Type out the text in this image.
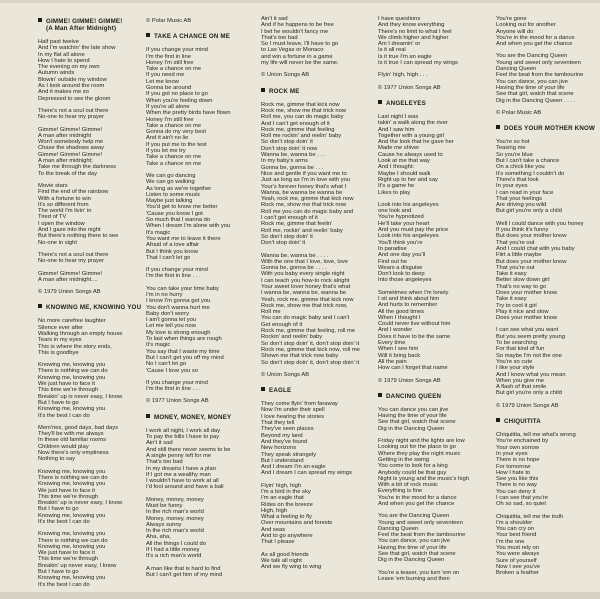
GIMME! GIMME! GIMME!
(A Man After Midnight)
Half past twelve
And I'm watchin' the late show
In my flat all alone
How I hate to spend
The evening on my own
Autumn winds
Blowin' outside my window
As I look around the room
And it makes me so
Depressed to see the gloom
There's not a soul out there
No-one to hear my prayer
Gimme! Gimme! Gimme!
A man after midnight
Won't somebody help me
Chase the shadows away
Gimme! Gimme! Gimme!
A man after midnight;
Take me through the darkness
To the break of the day
Movie stars
Find the end of the rainbow
With a fortune to win
It's so different from
The world I'm livin' in
Tired of TV
I open the window
And I gaze into the night
But there's nothing there to see
No-one in sight
There's not a soul out there
No-one to hear my prayer
Gimme! Gimme! Gimme!
A man after midnight....
© 1979 Union Songs AB
KNOWING ME, KNOWING YOU
No more carefree laughter
Silence ever after
Walking through an empty house
Tears in my eyes
This is where the story ends,
This is goodbye
Knowing me, knowing you
There is nothing we can do
Knowing me, knowing you
We just have to face it
This time we're through
Breakin' up is never easy, I know
But I have to go
Knowing me, knowing you
It's the best I can do
Mem'ries, good days, bad days
They'll be with me always
In these old familiar rooms
Children would play
Now there's only emptiness
Nothing to say
Knowing me, knowing you
There is nothing we can do
Knowing me, knowing you
We just have to face it
This time we're through
Breakin' up is never easy, I know
But I have to go
Knowing me, knowing you
It's the best I can do
Knowing me, knowing you
There is nothing we can do
Knowing me, knowing you
We just have to face it
This time we're through
Breakin' up never easy, I know
But I have to go
Knowing me, knowing you
It's the best I can do
© Polar Music AB
TAKE A CHANCE ON ME
If you change your mind
I'm the first in line
Honey I'm still free
Take a chance on me
If you need me
Let me know
Gonna be around
If you got no place to go
When you're feeling down
If you're all alone
When the pretty birds have flown
Honey I'm still free
Take a chance on me
Gonna do my very best
And it ain't no lie
If you put me to the test
If you let me try
Take a chance on me
Take a chance on me
We can go dancing
We can go walking
As long as we're together
Listen to some music
Maybe just talking
You'd get to know me better
'Cause you know I got
So much that I wanna do
When I dream I'm alone with you
It's magic
You want me to leave it there
Afraid of a love affair
But I think you know
That I can't let go
If you change your mind
I'm the first in line . . .
You can take your time baby
I'm in no hurry
I know I'm gonna get you
You don't wanna hurt me
Baby don't worry
I ain't gonna let you
Let me tell you now
My love is strong enough
To last when things are rough
It's magic
You say that I waste my time
But I can't get you off my mind
No I can't let go
'Cause I love you so
If you change your mind
I'm the first in line . . .
© 1977 Union Songs AB
MONEY, MONEY, MONEY
I work all night, I work all day
To pay the bills I have to pay
Ain't it sad
And still there never seems to be
A single penny left for me
That's too bad
In my dreams I have a plan
If I got me a wealthy man
I wouldn't have to work at all
I'd fool around and have a ball
Money, money, money
Must be funny
In the rich man's world
Money, money, money
Always sunny
In the rich man's world
Aha, aha,
All the things I could do
If I had a little money
It's a rich man's world
A man like that is hard to find
But I can't get him of my mind
Ain't it sad
And if he happens to be free
I bet he wouldn't fancy me
That's too bad
So I must leave, I'll have to go
to Las Vegas or Monaco
and win a fortune in a game
my life will never be the same.
© Union Songs AB
ROCK ME
Rock me, gimme that kick now
Rock me, show me that trick now
Roll me, you can do magic baby
And I can't get enough of it
Rock me, gimme that feeling
Roll me rockin' and reelin' baby
So don't stop doin' it
Don't stop doin' it now
Wanna be, wanna be . . .
In my baby's arms
Gonna be, gonna be . . .
Nice and gentle if you want me to
Just as long as I'm in love with you
Your's forever honey that's what I
Wanna, be wanna be wanna be
Yeah, rock me, gimme that kick now
Rock me, show me that trick now
Roll me you can do magic baby and
I can't get enough of it
Rock me, gimme that feelin'
Roll me, rockin' and reelin' baby
So don't stop doin' it
Don't stop doin' it
Wanna be, wanna be . . . .
With the one that I love, love, love
Gonna be, gonna be . . . .
With you baby every single night
I can teach you how-to rock alright
Your sweet lover honey that's what
I wanna be, wanna be, wanna be
Yeah, rock me, gimme that kick now
Rock me, show me that trick now,
Roll me
You can do magic baby and I can't
Get enough of it
Rock me, gimme that feeling, roll me
Rockin' and reelin' baby
So don't stop doin' it, don't stop doin' it
Rock me, gimme that kick now, roll me
Shown me that trick now baby
So don't stop doin' it, don't stop doin' it
© Union Songs AB
EAGLE
They come flyin' from faraway
Now I'm under their spell
I love hearing the stories
That they tell
They've seen places
Beyond my land
And they've found
New horizons
They speak strangely
But I understand
And I dream I'm an eagle
And I dream I can spread my wings
Flyin' high, high
I'm a bird in the sky
I'm an eagle that
Rides on the breeze
High, high
What a feeling to fly
Over mountains and forests
And seas
And to go anywhere
That I please
As all good friends
We talk all night
And we fly wing to wing
I have questions
And they know everything
There's no limit to what I feel
We climb higher and higher
Am I dreamin' or
Is it all real
Is it true I'm an eagle
Is it true I can spread my wings
Flyin' high, high . . .
© 1977 Union Songs AB
ANGELEYES
Last night I was
takin' a walk along the river
And I saw him
Together with a young girl
And the look that he gave her
Made me shiver
Cause he always used to
Look at me that way
And I thought:
Maybe I should walk
Right up to her and say
It's a game he
Likes to play
Look into his angeleyes
one look and
You're hypnotized
He'll take your heart
And you must pay the price
Look into his angeleyes
You'll think you're
In paradise
And one day you'll
Find out he
Wears a disguise
Don't look to deep
Into those angeleyes
Sometimes when I'm lonely
I sit and think about him
And hurts to remember
All the good times
When I thought I
Could never live without him
And I wonder
Does it have to be the same
Every time
When I see him
Will it bring back
All the pain
How can I forget that name
© 1979 Union Songs AB
DANCING QUEEN
You can dance you can jive
Having the time of your life
See that girl, watch that scene
Dig in the Dancing Queen
Friday night and the lights are low
Looking out for the place to go
Where they play the night music
Getting in the swing
You come to look for a king
Anybody could be that guy
Night is young and the music's high
With a bit of rock music
Everything is fine
You're in the mood for a dance
And when you get the chance
You are the Dancing Queen
Young and sweet only seventeen
Dancing Queen
Feel the beat from the tambourine
You can dance, you can jive
Having the time of your life
See that girl, watch that scene
Dig in the Dancing Queen
You're a teaser, you turn 'em on
Leave 'em burning and then
You're gone
Looking out for another
Anyone will do
You're in the mood for a dance
And when you get the chance
You are the Dancing Queen
Young and sweet only seventeen
Dancing Queen
Feel the beat from the tambourine
You can dance, you can jive
Having the time of your life
See that girl, watch that scene
Dig in the Dancing Queen . . . .
© Polar Music AB
DOES YOUR MOTHER KNOW
You're so hot
Teasing me
So you're blue
But I can't take a chance
On a chick like you
It's something I couldn't do
There's that look
In your eyes
I can read in your face
That your feelings
Are driving you wild
But girl you're only a child
Well I could dance with you honey
If you think it's funny
But does your mother know
That you're out
And I could chat with you baby
Flirt a little maybe
But does your mother know
That you're out
Take it easy
Better slow down girl
That's no way to go
Does your mother know
Take it easy
Try to cool it girl
Play it nice and slow
Does your mother know
I can see what you want
But you seem pretty young
To be searching
For that kind of fun
So maybe I'm not the one
You're so cute
I like your style
And I know what you mean
When you give me
A flash of that smile
But girl you're only a child
© 1979 Union Songs AB
CHIQUITITA
Chiquitita, tell me what's wrong
You're enchained by
Your own sorrow
In your eyes
There is no hope
For tomorrow
How I hate to
See you like this
There is no way
You can deny it
I can see that you're
Oh so sad, so quiet
Chiquitita, tell me the truth
I'm a shoulder
You can cry on
Your best friend
I'm the one
You must rely on
You were always
Sure of yourself
Now I see you've
Broken a feather
